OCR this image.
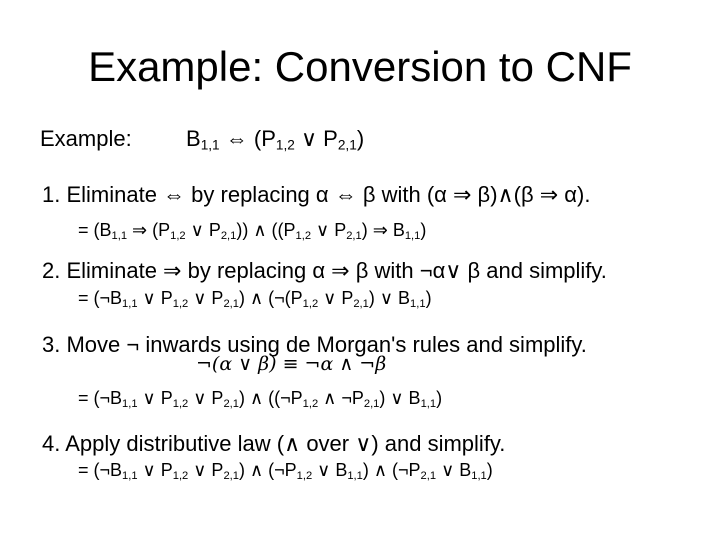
Example: Conversion to CNF
Example: $B_{1,1}$ ⇔ ($P_{1,2}$ ∨ $P_{2,1}$)
1. Eliminate ⇔ by replacing α ⇔ β with (α ⇒ β)∧(β ⇒ α).
= ($B_{1,1}$ ⇒ ($P_{1,2}$ ∨ $P_{2,1}$)) ∧ (($P_{1,2}$ ∨ $P_{2,1}$) ⇒ $B_{1,1}$)
2. Eliminate ⇒ by replacing α ⇒ β with ¬α∨ β and simplify.
= ($\neg B_{1,1}$ ∨ $P_{1,2}$ ∨ $P_{2,1}$) ∧ ($\neg(P_{1,2}$ ∨ $P_{2,1}$) ∨ $B_{1,1}$)
3. Move ¬ inwards using de Morgan's rules and simplify.
¬(α ∨ β) ≡ ¬α ∧ ¬β
= ($\neg B_{1,1}$ ∨ $P_{1,2}$ ∨ $P_{2,1}$) ∧ (($\neg P_{1,2}$ ∧ $\neg P_{2,1}$) ∨ $B_{1,1}$)
4. Apply distributive law (∧ over ∨) and simplify.
= ($\neg B_{1,1}$ ∨ $P_{1,2}$ ∨ $P_{2,1}$) ∧ ($\neg P_{1,2}$ ∨ $B_{1,1}$) ∧ ($\neg P_{2,1}$ ∨ $B_{1,1}$)
